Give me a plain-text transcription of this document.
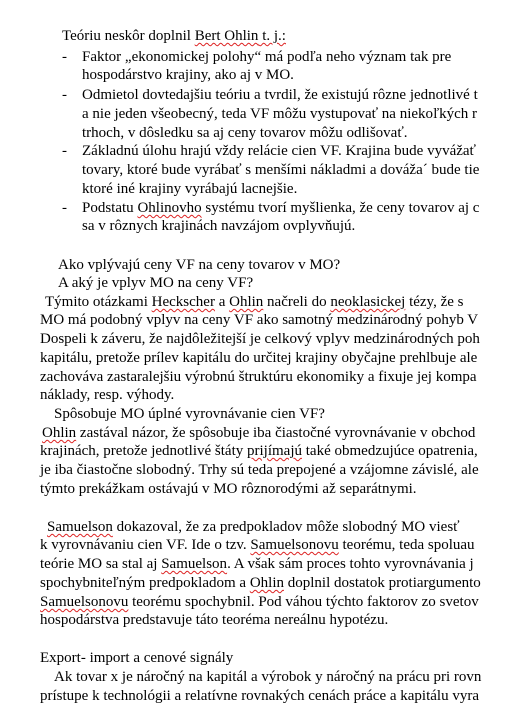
Teóriu neskôr doplnil Bert Ohlin t. j.:
- Faktor „ekonomickej polohy“ má podľa neho význam tak pre
hospodárstvo krajiny, ako aj v MO.
- Odmietol dovtedajšiu teóriu a tvrdil, že existujú rôzne jednotlivé t
a nie jeden všeobecný, teda VF môžu vystupovať na niekoľkých r
trhoch, v dôsledku sa aj ceny tovarov môžu odlišovať.
- Základnú úlohu hrajú vždy relácie cien VF. Krajina bude vyvážať
tovary, ktoré bude vyrábať s menšími nákladmi a dováža´ bude tie
ktoré iné krajiny vyrábajú lacnejšie.
- Podstatu Ohlinovho systému tvorí myšlienka, že ceny tovarov aj c
sa v rôznych krajinách navzájom ovplyvňujú.
Ako vplývajú ceny VF na ceny tovarov v MO?
A aký je vplyv MO na ceny VF?
Týmito otázkami Heckscher a Ohlin načreli do neoklasickej tézy, že s
MO má podobný vplyv na ceny VF ako samotný medzinárodný pohyb V
Dospeli k záveru, že najdôležitejší je celkový vplyv medzinárodných poh
kapitálu, pretože prílev kapitálu do určitej krajiny obyčajne prehlbuje ale
zachováva zastaralejšiu výrobnú štruktúru ekonomiky a fixuje jej kompa
náklady, resp. výhody.
Spôsobuje MO úplné vyrovnávanie cien VF?
Ohlin zastával názor, že spôsobuje iba čiastočné vyrovnávanie v obchod
krajinách, pretože jednotlivé štáty prijímajú také obmedzujúce opatrenia,
je iba čiastočne slobodný. Trhy sú teda prepojené a vzájomne závislé, ale
týmto prekážkam ostávajú v MO rôznorodými až separátnymi.
Samuelson dokazoval, že za predpokladov môže slobodný MO viesť
k vyrovnávaniu cien VF. Ide o tzv. Samuelsonovu teorému, teda spoluau
teórie MO sa stal aj Samuelson. A však sám proces tohto vyrovnávania j
spochybniteľným predpokladom a Ohlin doplnil dostatok protiargumento
Samuelsonovu teorému spochybnil. Pod váhou týchto faktorov zo svetov
hospodárstva predstavuje táto teoréma nereálnu hypotézu.
Export- import a cenové signály
Ak tovar x je náročný na kapitál a výrobok y náročný na prácu pri rovn
prístupe k technológii a relatívne rovnakých cenách práce a kapitálu vyra
